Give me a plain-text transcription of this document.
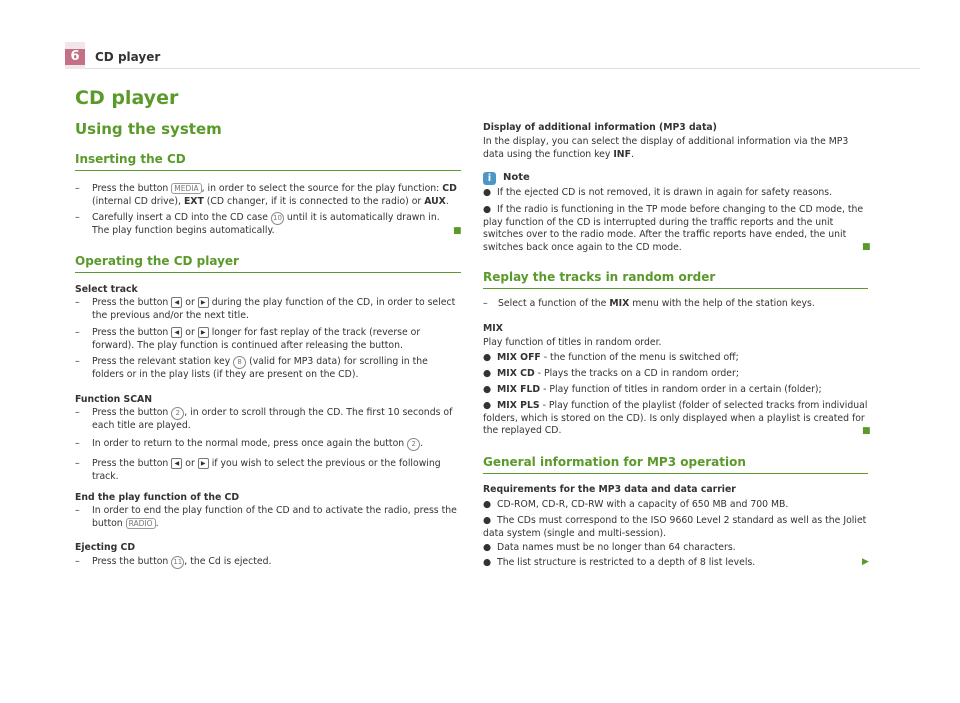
6	CD player
CD player
Using the system
Inserting the CD
– Press the button MEDIA , in order to select the source for the play function: CD
(internal CD drive), EXT (CD changer, if it is connected to the radio) or AUX.
– Carefully insert a CD into the CD case 10 until it is automatically drawn in. The play function begins automatically.	■
Operating the CD player
Select track
– Press the button ◀ or ▶ during the play function of the CD, in order to select the previous and/or the next title.
– Press the button ◀ or ▶ longer for fast replay of the track (reverse or forward). The play function is continued after releasing the button.
– Press the relevant station key 8 (valid for MP3 data) for scrolling in the folders or in the play lists (if they are present on the CD).
Function SCAN
– Press the button 2 , in order to scroll through the CD. The first 10 seconds of each title are played.
– In order to return to the normal mode, press once again the button 2 .
– Press the button ◀ or ▶ if you wish to select the previous or the following track.
End the play function of the CD
– In order to end the play function of the CD and to activate the radio, press the button RADIO .
Ejecting CD
– Press the button 11 , the Cd is ejected.
Display of additional information (MP3 data)
In the display, you can select the display of additional information via the MP3 data using the function key INF.
i	Note
● If the ejected CD is not removed, it is drawn in again for safety reasons.
● If the radio is functioning in the TP mode before changing to the CD mode, the play function of the CD is interrupted during the traffic reports and the unit switches over to the radio mode. After the traffic reports have ended, the unit switches back once again to the CD mode.	■
Replay the tracks in random order
– Select a function of the MIX menu with the help of the station keys.
MIX
Play function of titles in random order.
● MIX OFF - the function of the menu is switched off;
● MIX CD - Plays the tracks on a CD in random order;
● MIX FLD - Play function of titles in random order in a certain (folder);
● MIX PLS - Play function of the playlist (folder of selected tracks from individual folders, which is stored on the CD). Is only displayed when a playlist is created for the replayed CD.	■
General information for MP3 operation
Requirements for the MP3 data and data carrier
● CD-ROM, CD-R, CD-RW with a capacity of 650 MB and 700 MB.
● The CDs must correspond to the ISO 9660 Level 2 standard as well as the Joliet data system (single and multi-session).
● Data names must be no longer than 64 characters.
● The list structure is restricted to a depth of 8 list levels.	▶
